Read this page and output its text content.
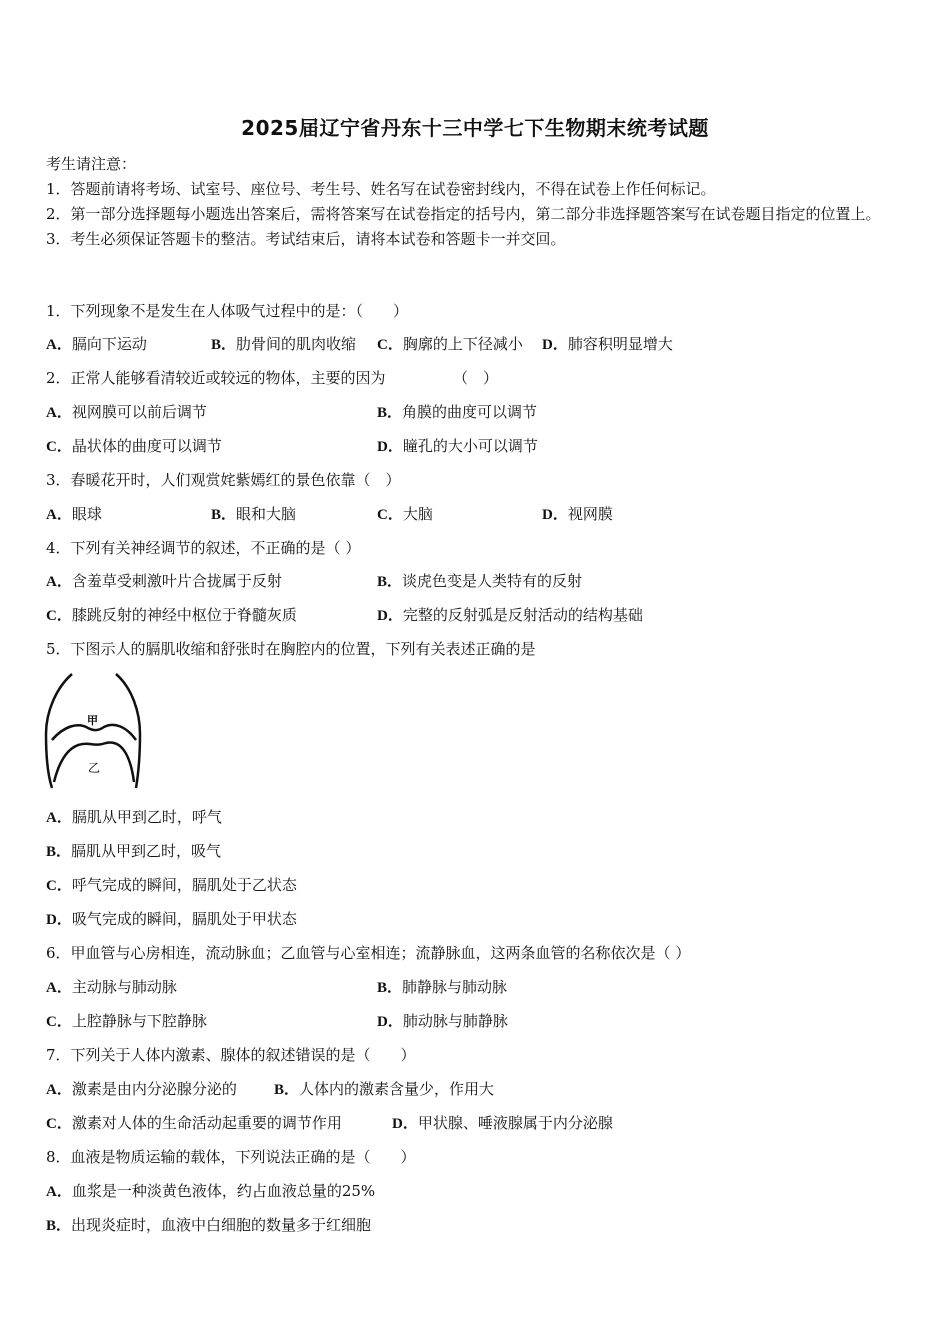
2025届辽宁省丹东十三中学七下生物期末统考试题
考生请注意：
1．答题前请将考场、试室号、座位号、考生号、姓名写在试卷密封线内，不得在试卷上作任何标记。
2．第一部分选择题每小题选出答案后，需将答案写在试卷指定的括号内，第二部分非选择题答案写在试卷题目指定的位置上。
3．考生必须保证答题卡的整洁。考试结束后，请将本试卷和答题卡一并交回。
1．下列现象不是发生在人体吸气过程中的是：（　　）
A．膈向下运动	B．肋骨间的肌肉收缩 C．胸廓的上下径减小 D．肺容积明显增大
2．正常人能够看清较近或较远的物体，主要的因为　　　　　（　）
A．视网膜可以前后调节	B．角膜的曲度可以调节
C．晶状体的曲度可以调节	D．瞳孔的大小可以调节
3．春暖花开时，人们观赏姹紫嫣红的景色依靠（　）
A．眼球	B．眼和大脑	C．大脑	D．视网膜
4．下列有关神经调节的叙述，不正确的是（ ）
A．含羞草受刺激叶片合拢属于反射	B．谈虎色变是人类特有的反射
C．膝跳反射的神经中枢位于脊髓灰质	D．完整的反射弧是反射活动的结构基础
5．下图示人的膈肌收缩和舒张时在胸腔内的位置，下列有关表述正确的是
甲
乙
A．膈肌从甲到乙时，呼气
B．膈肌从甲到乙时，吸气
C．呼气完成的瞬间，膈肌处于乙状态
D．吸气完成的瞬间，膈肌处于甲状态
6．甲血管与心房相连，流动脉血；乙血管与心室相连；流静脉血，这两条血管的名称依次是（ ）
A．主动脉与肺动脉	B．肺静脉与肺动脉
C．上腔静脉与下腔静脉	D．肺动脉与肺静脉
7．下列关于人体内激素、腺体的叙述错误的是（　　）
A．激素是由内分泌腺分泌的 B．人体内的激素含量少，作用大
C．激素对人体的生命活动起重要的调节作用	D．甲状腺、唾液腺属于内分泌腺
8．血液是物质运输的载体，下列说法正确的是（　　）
A．血浆是一种淡黄色液体，约占血液总量的25%
B．出现炎症时，血液中白细胞的数量多于红细胞
